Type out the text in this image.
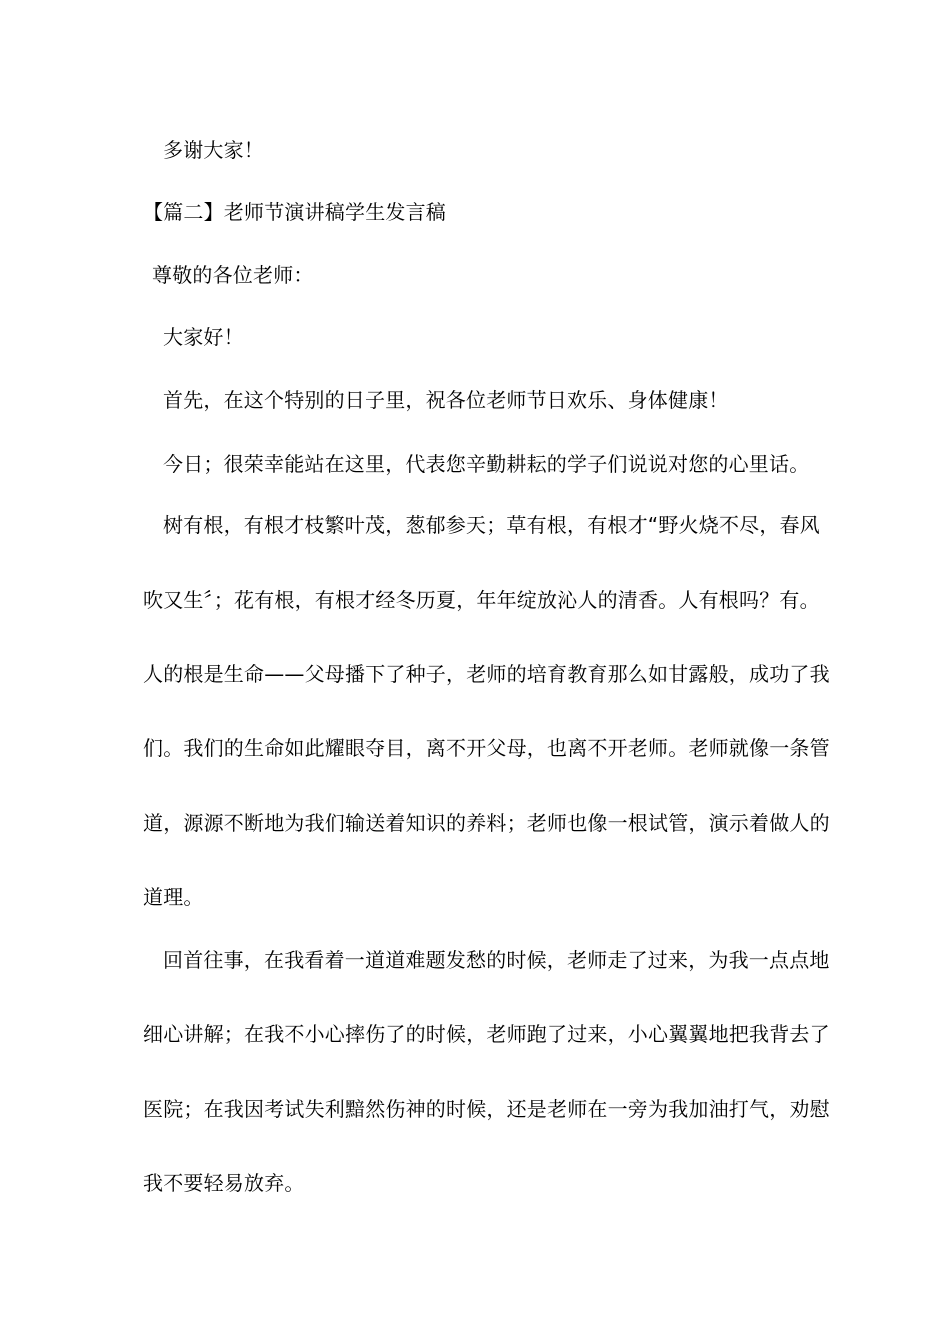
多谢大家！
【篇二】老师节演讲稿学生发言稿
尊敬的各位老师：
大家好！
首先，在这个特别的日子里，祝各位老师节日欢乐、身体健康！
今日；很荣幸能站在这里，代表您辛勤耕耘的学子们说说对您的心里话。
树有根，有根才枝繁叶茂，葱郁参天；草有根，有根才“野火烧不尽，春风
吹又生〞；花有根，有根才经冬历夏，年年绽放沁人的清香。人有根吗？有。
人的根是生命——父母播下了种子，老师的培育教育那么如甘露般，成功了我
们。我们的生命如此耀眼夺目，离不开父母，也离不开老师。老师就像一条管
道，源源不断地为我们输送着知识的养料；老师也像一根试管，演示着做人的
道理。
回首往事，在我看着一道道难题发愁的时候，老师走了过来，为我一点点地
细心讲解；在我不小心摔伤了的时候，老师跑了过来，小心翼翼地把我背去了
医院；在我因考试失利黯然伤神的时候，还是老师在一旁为我加油打气，劝慰
我不要轻易放弃。
